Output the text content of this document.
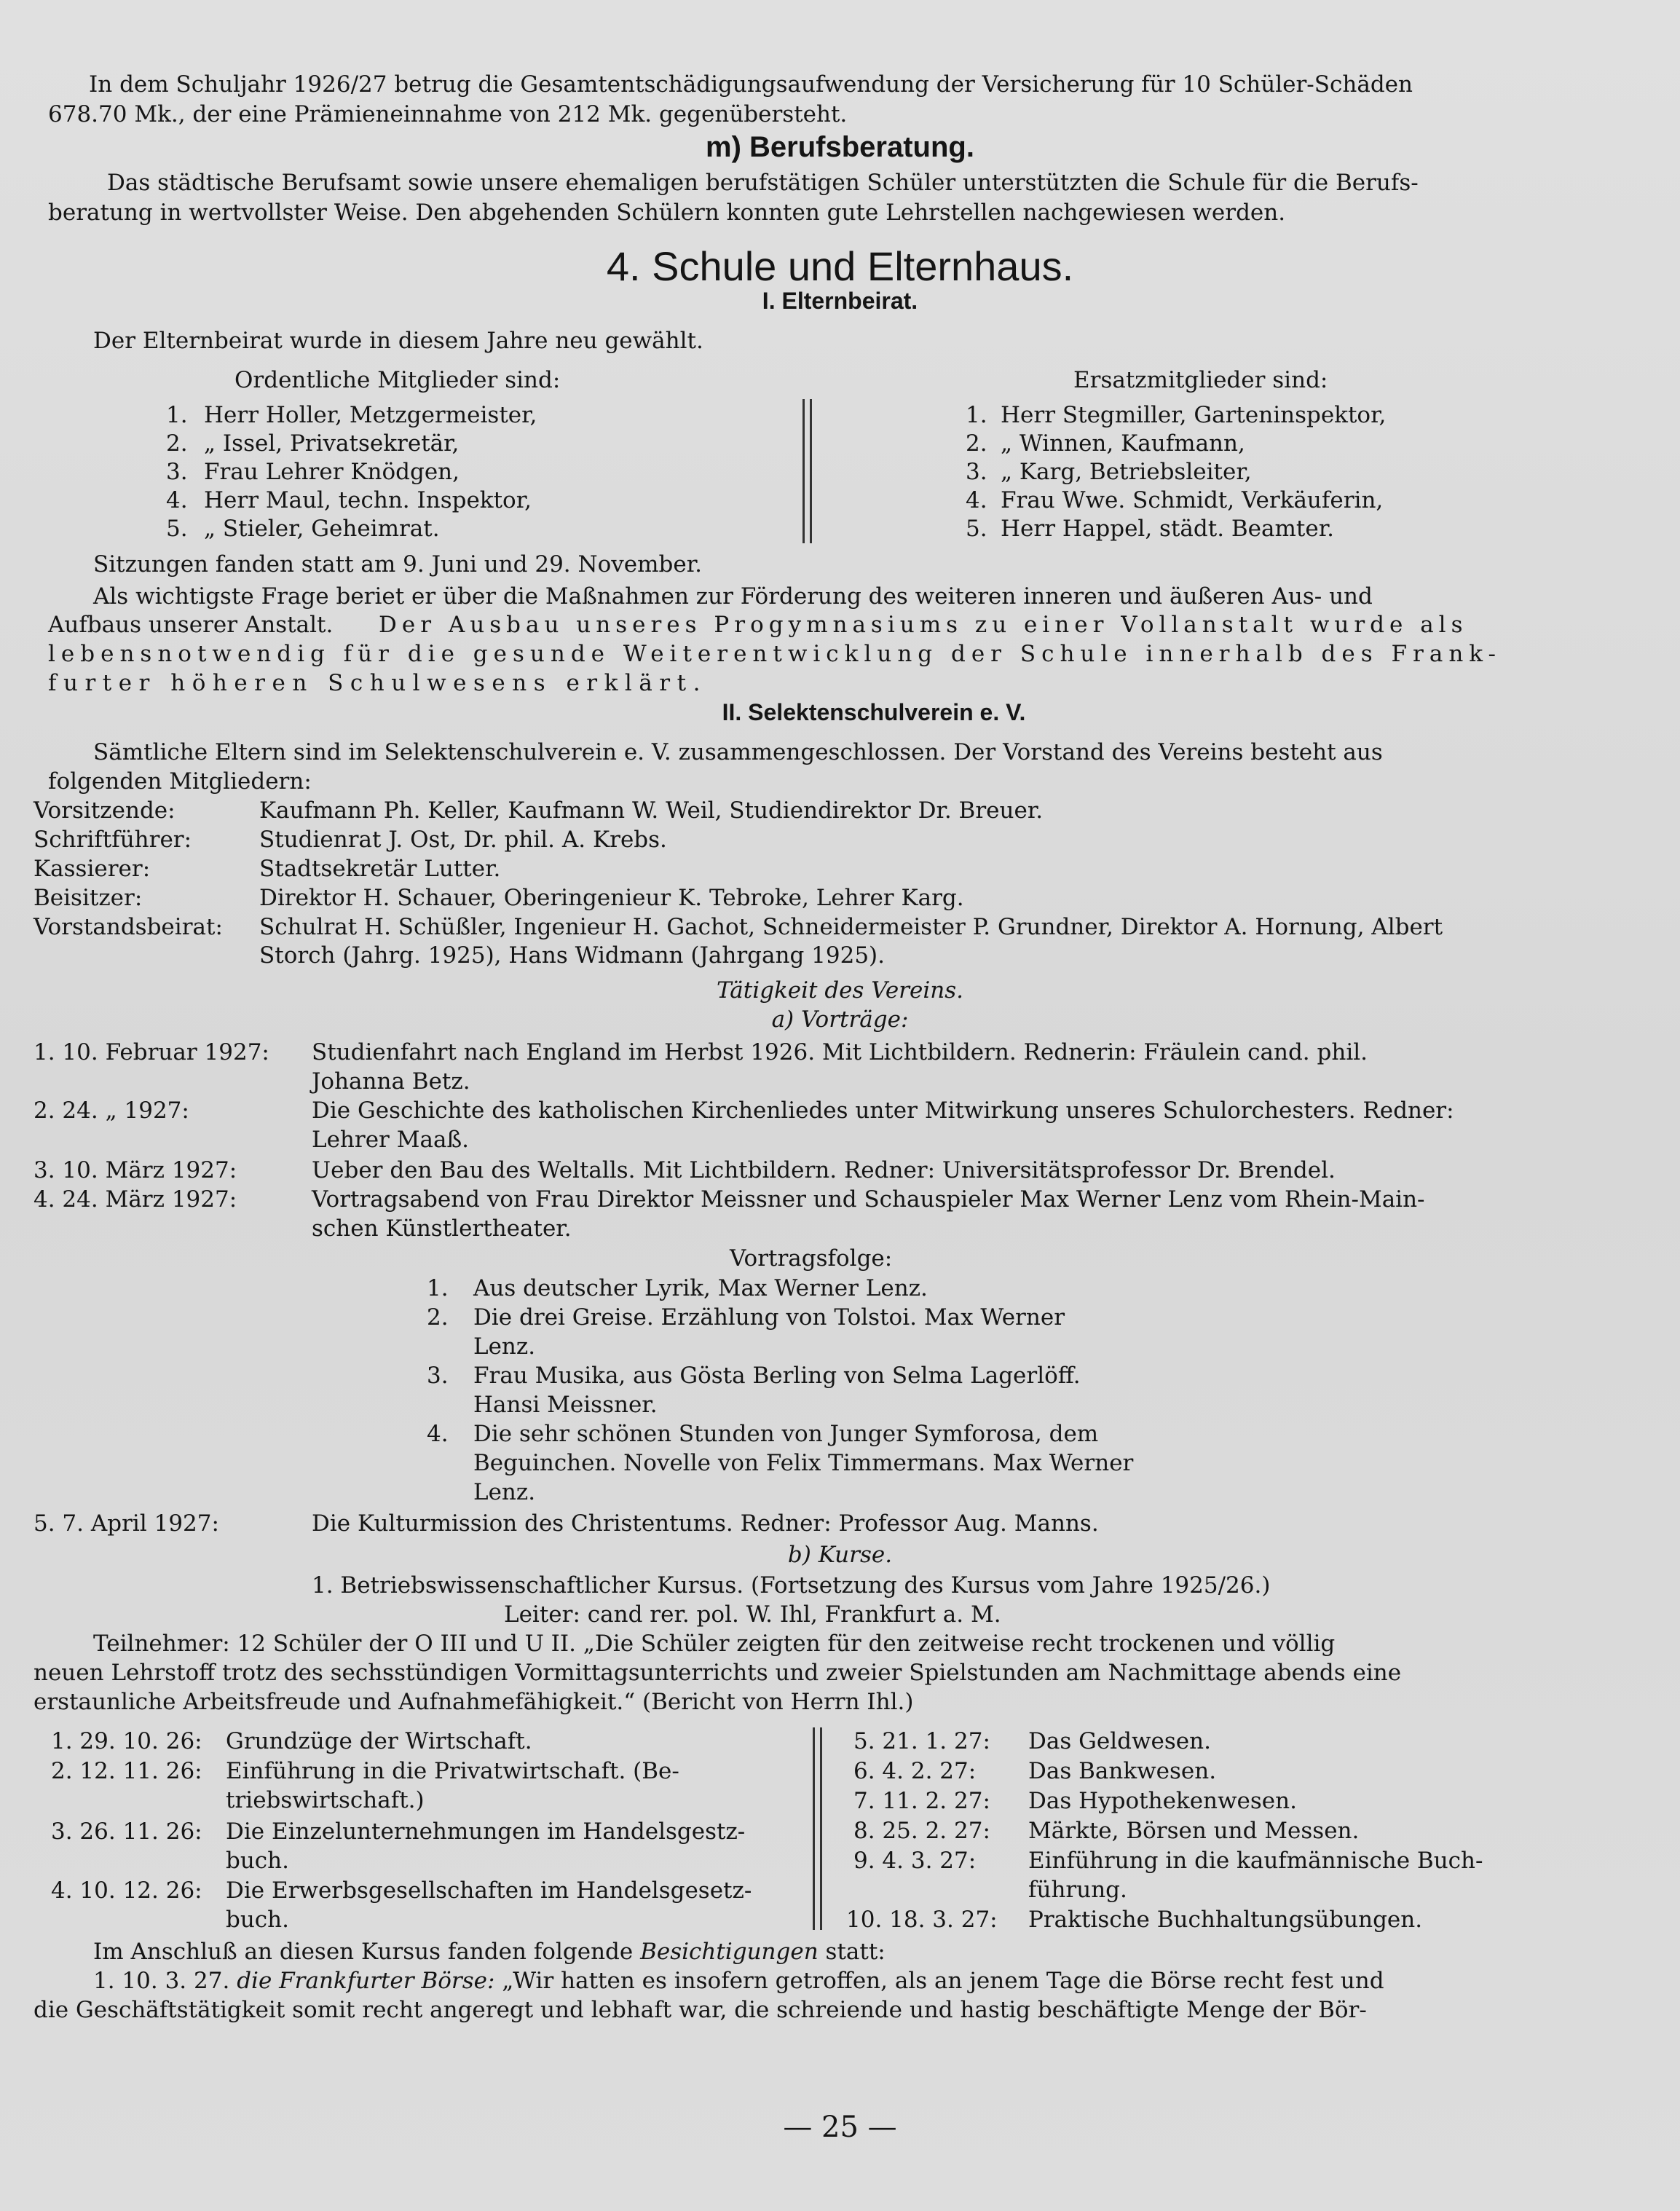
In dem Schuljahr 1926/27 betrug die Gesamtentschädigungsaufwendung der Versicherung für 10 Schüler-Schäden
678.70 Mk., der eine Prämieneinnahme von 212 Mk. gegenübersteht.
m) Berufsberatung.
Das städtische Berufsamt sowie unsere ehemaligen berufstätigen Schüler unterstützten die Schule für die Berufs-
beratung in wertvollster Weise. Den abgehenden Schülern konnten gute Lehrstellen nachgewiesen werden.
4. Schule und Elternhaus.
I. Elternbeirat.
Der Elternbeirat wurde in diesem Jahre neu gewählt.
Ordentliche Mitglieder sind:	Ersatzmitglieder sind:
1. Herr Holler, Metzgermeister,
2. „ Issel, Privatsekretär,
3. Frau Lehrer Knödgen,
4. Herr Maul, techn. Inspektor,
5. „ Stieler, Geheimrat.
1. Herr Stegmiller, Garteninspektor,
2. „ Winnen, Kaufmann,
3. „ Karg, Betriebsleiter,
4. Frau Wwe. Schmidt, Verkäuferin,
5. Herr Happel, städt. Beamter.
Sitzungen fanden statt am 9. Juni und 29. November.
Als wichtigste Frage beriet er über die Maßnahmen zur Förderung des weiteren inneren und äußeren Aus- und
Aufbaus unserer Anstalt. Der Ausbau unseres Progymnasiums zu einer Vollanstalt wurde als
lebensnotwendig für die gesunde Weiterentwicklung der Schule innerhalb des Frank-
furter höheren Schulwesens erklärt.
II. Selektenschulverein e. V.
Sämtliche Eltern sind im Selektenschulverein e. V. zusammengeschlossen. Der Vorstand des Vereins besteht aus
folgenden Mitgliedern:
Vorsitzende:	Kaufmann Ph. Keller, Kaufmann W. Weil, Studiendirektor Dr. Breuer.
Schriftführer:	Studienrat J. Ost, Dr. phil. A. Krebs.
Kassierer:	Stadtsekretär Lutter.
Beisitzer:	Direktor H. Schauer, Oberingenieur K. Tebroke, Lehrer Karg.
Vorstandsbeirat: Schulrat H. Schüßler, Ingenieur H. Gachot, Schneidermeister P. Grundner, Direktor A. Hornung, Albert
Storch (Jahrg. 1925), Hans Widmann (Jahrgang 1925).
Tätigkeit des Vereins.
a) Vorträge:
1. 10. Februar 1927: Studienfahrt nach England im Herbst 1926. Mit Lichtbildern. Rednerin: Fräulein cand. phil.
Johanna Betz.
2. 24. „ 1927:	Die Geschichte des katholischen Kirchenliedes unter Mitwirkung unseres Schulorchesters. Redner:
Lehrer Maaß.
3. 10. März 1927:	Ueber den Bau des Weltalls. Mit Lichtbildern. Redner: Universitätsprofessor Dr. Brendel.
4. 24. März 1927:	Vortragsabend von Frau Direktor Meissner und Schauspieler Max Werner Lenz vom Rhein-Main-
schen Künstlertheater.
Vortragsfolge:
1. Aus deutscher Lyrik, Max Werner Lenz.
2. Die drei Greise. Erzählung von Tolstoi. Max Werner
Lenz.
3. Frau Musika, aus Gösta Berling von Selma Lagerlöff.
Hansi Meissner.
4. Die sehr schönen Stunden von Junger Symforosa, dem
Beguinchen. Novelle von Felix Timmermans. Max Werner
Lenz.
5. 7. April 1927:	Die Kulturmission des Christentums. Redner: Professor Aug. Manns.
b) Kurse.
1. Betriebswissenschaftlicher Kursus. (Fortsetzung des Kursus vom Jahre 1925/26.)
Leiter: cand rer. pol. W. Ihl, Frankfurt a. M.
Teilnehmer: 12 Schüler der O III und U II. „Die Schüler zeigten für den zeitweise recht trockenen und völlig
neuen Lehrstoff trotz des sechsstündigen Vormittagsunterrichts und zweier Spielstunden am Nachmittage abends eine
erstaunliche Arbeitsfreude und Aufnahmefähigkeit.“ (Bericht von Herrn Ihl.)
1. 29. 10. 26: Grundzüge der Wirtschaft.
2. 12. 11. 26: Einführung in die Privatwirtschaft. (Be-
triebswirtschaft.)
3. 26. 11. 26: Die Einzelunternehmungen im Handelsgestz-
buch.
4. 10. 12. 26: Die Erwerbsgesellschaften im Handelsgesetz-
buch.
5. 21. 1. 27: Das Geldwesen.
6. 4. 2. 27: Das Bankwesen.
7. 11. 2. 27: Das Hypothekenwesen.
8. 25. 2. 27: Märkte, Börsen und Messen.
9. 4. 3. 27: Einführung in die kaufmännische Buch-
führung.
10. 18. 3. 27: Praktische Buchhaltungsübungen.
Im Anschluß an diesen Kursus fanden folgende Besichtigungen statt:
1. 10. 3. 27. die Frankfurter Börse: „Wir hatten es insofern getroffen, als an jenem Tage die Börse recht fest und
die Geschäftstätigkeit somit recht angeregt und lebhaft war, die schreiende und hastig beschäftigte Menge der Bör-
— 25 —
